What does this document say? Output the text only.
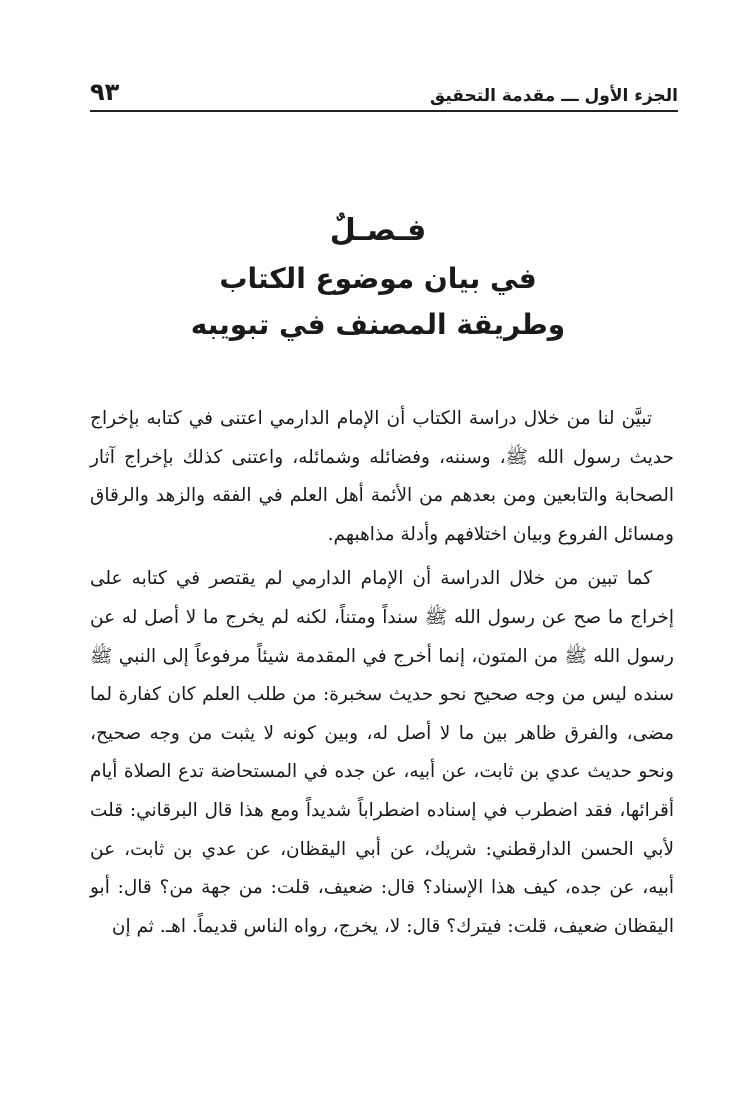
الجزء الأول ـــ مقدمة التحقيق
٩٣

فـصـلٌ

في بيان موضوع الكتاب

وطريقة المصنف في تبويبه

تبيَّن لنا من خلال دراسة الكتاب أن الإمام الدارمي اعتنى في كتابه بإخراج حديث رسول الله ﷺ، وسننه، وفضائله وشمائله، واعتنى كذلك بإخراج آثار الصحابة والتابعين ومن بعدهم من الأئمة أهل العلم في الفقه والزهد والرقاق ومسائل الفروع وبيان اختلافهم وأدلة مذاهبهم.

كما تبين من خلال الدراسة أن الإمام الدارمي لم يقتصر في كتابه على إخراج ما صح عن رسول الله ﷺ سنداً ومتناً، لكنه لم يخرج ما لا أصل له عن رسول الله ﷺ من المتون، إنما أخرج في المقدمة شيئاً مرفوعاً إلى النبي ﷺ سنده ليس من وجه صحيح نحو حديث سخبرة: من طلب العلم كان كفارة لما مضى، والفرق ظاهر بين ما لا أصل له، وبين كونه لا يثبت من وجه صحيح، ونحو حديث عدي بن ثابت، عن أبيه، عن جده في المستحاضة تدع الصلاة أيام أقرائها، فقد اضطرب في إسناده اضطراباً شديداً ومع هذا قال البرقاني: قلت لأبي الحسن الدارقطني: شريك، عن أبي اليقظان، عن عدي بن ثابت، عن أبيه، عن جده، كيف هذا الإسناد؟ قال: ضعيف، قلت: من جهة من؟ قال: أبو اليقظان ضعيف، قلت: فيترك؟ قال: لا، يخرج، رواه الناس قديماً. اهـ. ثم إن
